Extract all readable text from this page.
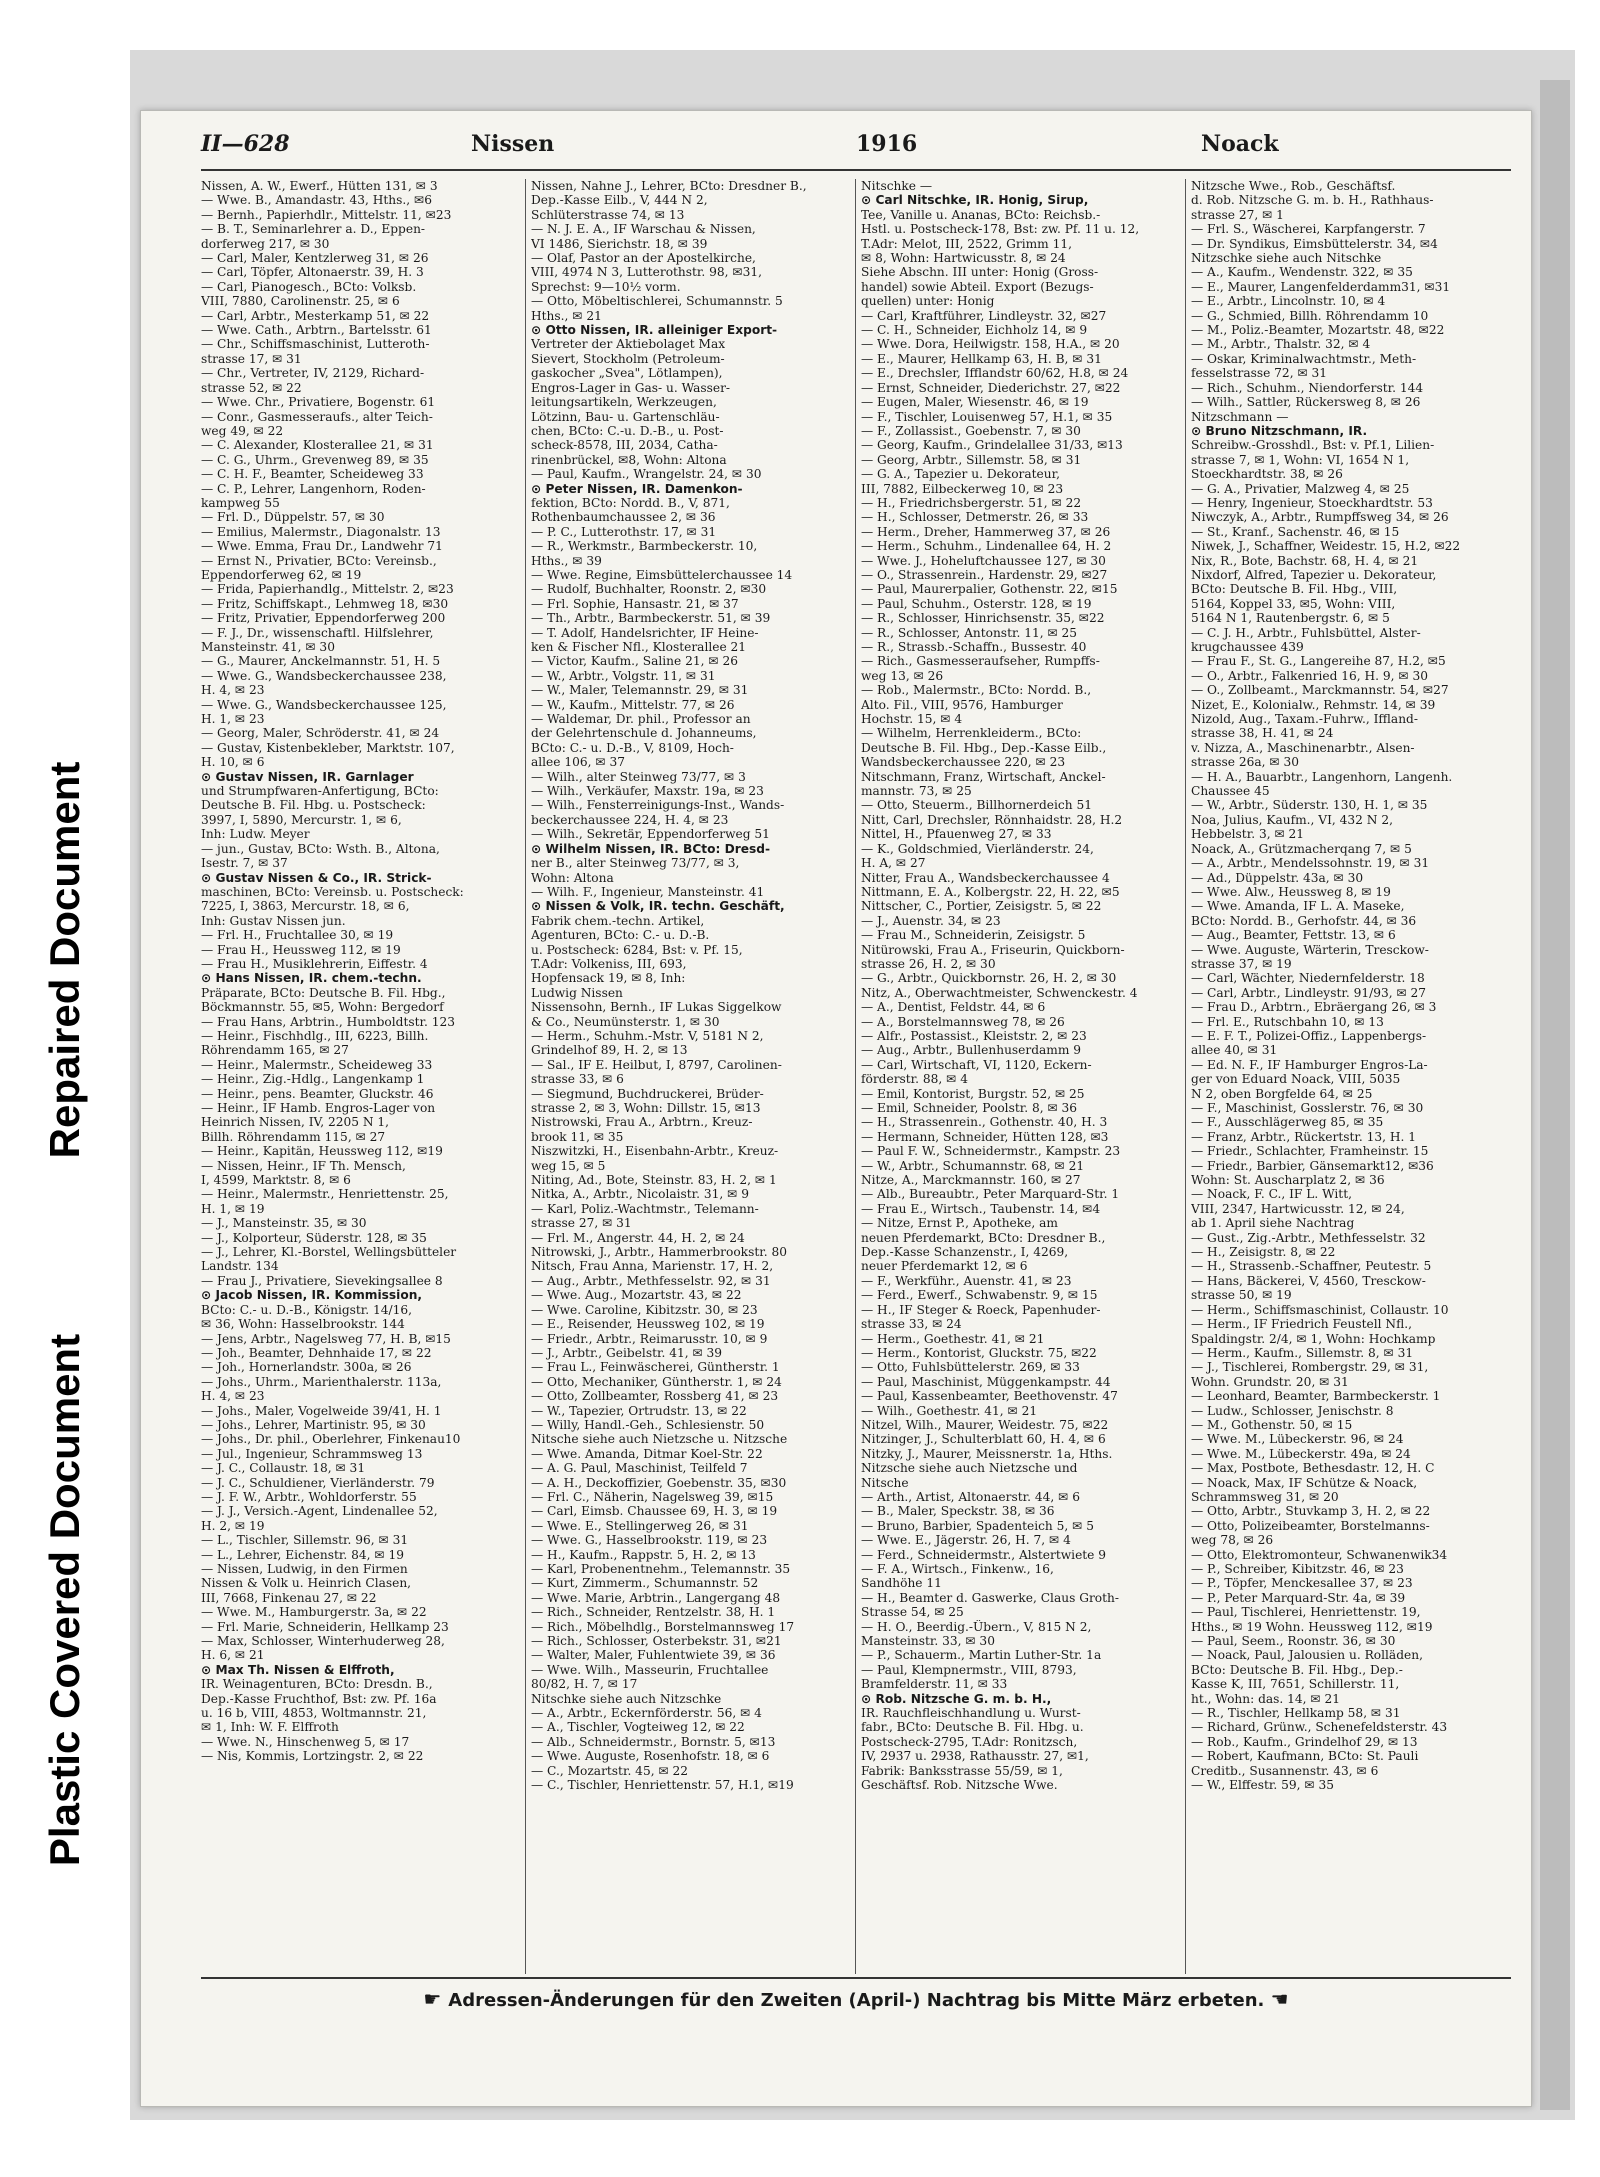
Repaired Document
Plastic Covered Document
II—628	Nissen	1916	Noack
Nissen, A. W., Ewerf., Hütten 131, ✉ 3
— Wwe. B., Amandastr. 43, Hths., ✉6
— Bernh., Papierhdlr., Mittelstr. 11, ✉23
— B. T., Seminarlehrer a. D., Eppen-
dorferweg 217, ✉ 30
— Carl, Maler, Kentzlerweg 31, ✉ 26
— Carl, Töpfer, Altonaerstr. 39, H. 3
— Carl, Pianogesch., BCto: Volksb.
VIII, 7880, Carolinenstr. 25, ✉ 6
— Carl, Arbtr., Mesterkamp 51, ✉ 22
— Wwe. Cath., Arbtrn., Bartelsstr. 61
— Chr., Schiffsmaschinist, Lutteroth-
strasse 17, ✉ 31
— Chr., Vertreter, IV, 2129, Richard-
strasse 52, ✉ 22
— Wwe. Chr., Privatiere, Bogenstr. 61
— Conr., Gasmesseraufs., alter Teich-
weg 49, ✉ 22
— C. Alexander, Klosterallee 21, ✉ 31
— C. G., Uhrm., Grevenweg 89, ✉ 35
— C. H. F., Beamter, Scheideweg 33
— C. P., Lehrer, Langenhorn, Roden-
kampweg 55
— Frl. D., Düppelstr. 57, ✉ 30
— Emilius, Malermstr., Diagonalstr. 13
— Wwe. Emma, Frau Dr., Landwehr 71
— Ernst N., Privatier, BCto: Vereinsb.,
Eppendorferweg 62, ✉ 19
— Frida, Papierhandlg., Mittelstr. 2, ✉23
— Fritz, Schiffskapt., Lehmweg 18, ✉30
— Fritz, Privatier, Eppendorferweg 200
— F. J., Dr., wissenschaftl. Hilfslehrer,
Mansteinstr. 41, ✉ 30
— G., Maurer, Anckelmannstr. 51, H. 5
— Wwe. G., Wandsbeckerchaussee 238,
H. 4, ✉ 23
— Wwe. G., Wandsbeckerchaussee 125,
H. 1, ✉ 23
— Georg, Maler, Schröderstr. 41, ✉ 24
— Gustav, Kistenbekleber, Marktstr. 107,
H. 10, ✉ 6
⊙ Gustav Nissen, IR. Garnlager
und Strumpfwaren-Anfertigung, BCto:
Deutsche B. Fil. Hbg. u. Postscheck:
3997, I, 5890, Mercurstr. 1, ✉ 6,
Inh: Ludw. Meyer
— jun., Gustav, BCto: Wsth. B., Altona,
Isestr. 7, ✉ 37
⊙ Gustav Nissen & Co., IR. Strick-
maschinen, BCto: Vereinsb. u. Postscheck:
7225, I, 3863, Mercurstr. 18, ✉ 6,
Inh: Gustav Nissen jun.
— Frl. H., Fruchtallee 30, ✉ 19
— Frau H., Heussweg 112, ✉ 19
— Frau H., Musiklehrerin, Eiffestr. 4
⊙ Hans Nissen, IR. chem.-techn.
Präparate, BCto: Deutsche B. Fil. Hbg.,
Böckmannstr. 55, ✉5, Wohn: Bergedorf
— Frau Hans, Arbtrin., Humboldtstr. 123
— Heinr., Fischhdlg., III, 6223, Billh.
Röhrendamm 165, ✉ 27
— Heinr., Malermstr., Scheideweg 33
— Heinr., Zig.-Hdlg., Langenkamp 1
— Heinr., pens. Beamter, Gluckstr. 46
— Heinr., IF Hamb. Engros-Lager von
Heinrich Nissen, IV, 2205 N 1,
Billh. Röhrendamm 115, ✉ 27
— Heinr., Kapitän, Heussweg 112, ✉19
— Nissen, Heinr., IF Th. Mensch,
I, 4599, Marktstr. 8, ✉ 6
— Heinr., Malermstr., Henriettenstr. 25,
H. 1, ✉ 19
— J., Mansteinstr. 35, ✉ 30
— J., Kolporteur, Süderstr. 128, ✉ 35
— J., Lehrer, Kl.-Borstel, Wellingsbütteler
Landstr. 134
— Frau J., Privatiere, Sievekingsallee 8
⊙ Jacob Nissen, IR. Kommission,
BCto: C.- u. D.-B., Königstr. 14/16,
✉ 36, Wohn: Hasselbrookstr. 144
— Jens, Arbtr., Nagelsweg 77, H. B, ✉15
— Joh., Beamter, Dehnhaide 17, ✉ 22
— Joh., Hornerlandstr. 300a, ✉ 26
— Johs., Uhrm., Marienthalerstr. 113a,
H. 4, ✉ 23
— Johs., Maler, Vogelweide 39/41, H. 1
— Johs., Lehrer, Martinistr. 95, ✉ 30
— Johs., Dr. phil., Oberlehrer, Finkenau10
— Jul., Ingenieur, Schrammsweg 13
— J. C., Collaustr. 18, ✉ 31
— J. C., Schuldiener, Vierländerstr. 79
— J. F. W., Arbtr., Wohldorferstr. 55
— J. J., Versich.-Agent, Lindenallee 52,
H. 2, ✉ 19
— L., Tischler, Sillemstr. 96, ✉ 31
— L., Lehrer, Eichenstr. 84, ✉ 19
— Nissen, Ludwig, in den Firmen
Nissen & Volk u. Heinrich Clasen,
III, 7668, Finkenau 27, ✉ 22
— Wwe. M., Hamburgerstr. 3a, ✉ 22
— Frl. Marie, Schneiderin, Hellkamp 23
— Max, Schlosser, Winterhuderweg 28,
H. 6, ✉ 21
⊙ Max Th. Nissen & Elffroth,
IR. Weinagenturen, BCto: Dresdn. B.,
Dep.-Kasse Fruchthof, Bst: zw. Pf. 16a
u. 16 b, VIII, 4853, Woltmannstr. 21,
✉ 1, Inh: W. F. Elffroth
— Wwe. N., Hinschenweg 5, ✉ 17
— Nis, Kommis, Lortzingstr. 2, ✉ 22
Nissen, Nahne J., Lehrer, BCto: Dresdner B.,
Dep.-Kasse Eilb., V, 444 N 2,
Schlüterstrasse 74, ✉ 13
— N. J. E. A., IF Warschau & Nissen,
VI 1486, Sierichstr. 18, ✉ 39
— Olaf, Pastor an der Apostelkirche,
VIII, 4974 N 3, Lutterothstr. 98, ✉31,
Sprechst: 9—10½ vorm.
— Otto, Möbeltischlerei, Schumannstr. 5
Hths., ✉ 21
⊙ Otto Nissen, IR. alleiniger Export-
Vertreter der Aktiebolaget Max
Sievert, Stockholm (Petroleum-
gaskocher „Svea", Lötlampen),
Engros-Lager in Gas- u. Wasser-
leitungsartikeln, Werkzeugen,
Lötzinn, Bau- u. Gartenschläu-
chen, BCto: C.-u. D.-B., u. Post-
scheck-8578, III, 2034, Catha-
rinenbrückel, ✉8, Wohn: Altona
— Paul, Kaufm., Wrangelstr. 24, ✉ 30
⊙ Peter Nissen, IR. Damenkon-
fektion, BCto: Nordd. B., V, 871,
Rothenbaumchaussee 2, ✉ 36
— P. C., Lutterothstr. 17, ✉ 31
— R., Werkmstr., Barmbeckerstr. 10,
Hths., ✉ 39
— Wwe. Regine, Eimsbüttelerchaussee 14
— Rudolf, Buchhalter, Roonstr. 2, ✉30
— Frl. Sophie, Hansastr. 21, ✉ 37
— Th., Arbtr., Barmbeckerstr. 51, ✉ 39
— T. Adolf, Handelsrichter, IF Heine-
ken & Fischer Nfl., Klosterallee 21
— Victor, Kaufm., Saline 21, ✉ 26
— W., Arbtr., Volgstr. 11, ✉ 31
— W., Maler, Telemannstr. 29, ✉ 31
— W., Kaufm., Mittelstr. 77, ✉ 26
— Waldemar, Dr. phil., Professor an
der Gelehrtenschule d. Johanneums,
BCto: C.- u. D.-B., V, 8109, Hoch-
allee 106, ✉ 37
— Wilh., alter Steinweg 73/77, ✉ 3
— Wilh., Verkäufer, Maxstr. 19a, ✉ 23
— Wilh., Fensterreinigungs-Inst., Wands-
beckerchaussee 224, H. 4, ✉ 23
— Wilh., Sekretär, Eppendorferweg 51
⊙ Wilhelm Nissen, IR. BCto: Dresd-
ner B., alter Steinweg 73/77, ✉ 3,
Wohn: Altona
— Wilh. F., Ingenieur, Mansteinstr. 41
⊙ Nissen & Volk, IR. techn. Geschäft,
Fabrik chem.-techn. Artikel,
Agenturen, BCto: C.- u. D.-B.
u. Postscheck: 6284, Bst: v. Pf. 15,
T.Adr: Volkeniss, III, 693,
Hopfensack 19, ✉ 8, Inh:
Ludwig Nissen
Nissensohn, Bernh., IF Lukas Siggelkow
& Co., Neumünsterstr. 1, ✉ 30
— Herm., Schuhm.-Mstr. V, 5181 N 2,
Grindelhof 89, H. 2, ✉ 13
— Sal., IF E. Heilbut, I, 8797, Carolinen-
strasse 33, ✉ 6
— Siegmund, Buchdruckerei, Brüder-
strasse 2, ✉ 3, Wohn: Dillstr. 15, ✉13
Nistrowski, Frau A., Arbtrn., Kreuz-
brook 11, ✉ 35
Niszwitzki, H., Eisenbahn-Arbtr., Kreuz-
weg 15, ✉ 5
Niting, Ad., Bote, Steinstr. 83, H. 2, ✉ 1
Nitka, A., Arbtr., Nicolaistr. 31, ✉ 9
— Karl, Poliz.-Wachtmstr., Telemann-
strasse 27, ✉ 31
— Frl. M., Angerstr. 44, H. 2, ✉ 24
Nitrowski, J., Arbtr., Hammerbrookstr. 80
Nitsch, Frau Anna, Marienstr. 17, H. 2,
— Aug., Arbtr., Methfesselstr. 92, ✉ 31
— Wwe. Aug., Mozartstr. 43, ✉ 22
— Wwe. Caroline, Kibitzstr. 30, ✉ 23
— E., Reisender, Heussweg 102, ✉ 19
— Friedr., Arbtr., Reimarusstr. 10, ✉ 9
— J., Arbtr., Geibelstr. 41, ✉ 39
— Frau L., Feinwäscherei, Güntherstr. 1
— Otto, Mechaniker, Güntherstr. 1, ✉ 24
— Otto, Zollbeamter, Rossberg 41, ✉ 23
— W., Tapezier, Ortrudstr. 13, ✉ 22
— Willy, Handl.-Geh., Schlesienstr. 50
Nitsche siehe auch Nietzsche u. Nitzsche
— Wwe. Amanda, Ditmar Koel-Str. 22
— A. G. Paul, Maschinist, Teilfeld 7
— A. H., Deckoffizier, Goebenstr. 35, ✉30
— Frl. C., Näherin, Nagelsweg 39, ✉15
— Carl, Eimsb. Chaussee 69, H. 3, ✉ 19
— Wwe. E., Stellingerweg 26, ✉ 31
— Wwe. G., Hasselbrookstr. 119, ✉ 23
— H., Kaufm., Rappstr. 5, H. 2, ✉ 13
— Karl, Probenentnehm., Telemannstr. 35
— Kurt, Zimmerm., Schumannstr. 52
— Wwe. Marie, Arbtrin., Langergang 48
— Rich., Schneider, Rentzelstr. 38, H. 1
— Rich., Möbelhdlg., Borstelmannsweg 17
— Rich., Schlosser, Osterbekstr. 31, ✉21
— Walter, Maler, Fuhlentwiete 39, ✉ 36
— Wwe. Wilh., Masseurin, Fruchtallee
80/82, H. 7, ✉ 17
Nitschke siehe auch Nitzschke
— A., Arbtr., Eckernförderstr. 56, ✉ 4
— A., Tischler, Vogteiweg 12, ✉ 22
— Alb., Schneidermstr., Bornstr. 5, ✉13
— Wwe. Auguste, Rosenhofstr. 18, ✉ 6
— C., Mozartstr. 45, ✉ 22
— C., Tischler, Henriettenstr. 57, H.1, ✉19
Nitschke —
⊙ Carl Nitschke, IR. Honig, Sirup,
Tee, Vanille u. Ananas, BCto: Reichsb.-
Hstl. u. Postscheck-178, Bst: zw. Pf. 11 u. 12,
T.Adr: Melot, III, 2522, Grimm 11,
✉ 8, Wohn: Hartwicusstr. 8, ✉ 24
Siehe Abschn. III unter: Honig (Gross-
handel) sowie Abteil. Export (Bezugs-
quellen) unter: Honig
— Carl, Kraftführer, Lindleystr. 32, ✉27
— C. H., Schneider, Eichholz 14, ✉ 9
— Wwe. Dora, Heilwigstr. 158, H.A., ✉ 20
— E., Maurer, Hellkamp 63, H. B, ✉ 31
— E., Drechsler, Ifflandstr 60/62, H.8, ✉ 24
— Ernst, Schneider, Diederichstr. 27, ✉22
— Eugen, Maler, Wiesenstr. 46, ✉ 19
— F., Tischler, Louisenweg 57, H.1, ✉ 35
— F., Zollassist., Goebenstr. 7, ✉ 30
— Georg, Kaufm., Grindelallee 31/33, ✉13
— Georg, Arbtr., Sillemstr. 58, ✉ 31
— G. A., Tapezier u. Dekorateur,
III, 7882, Eilbeckerweg 10, ✉ 23
— H., Friedrichsbergerstr. 51, ✉ 22
— H., Schlosser, Detmerstr. 26, ✉ 33
— Herm., Dreher, Hammerweg 37, ✉ 26
— Herm., Schuhm., Lindenallee 64, H. 2
— Wwe. J., Hoheluftchaussee 127, ✉ 30
— O., Strassenrein., Hardenstr. 29, ✉27
— Paul, Maurerpalier, Gothenstr. 22, ✉15
— Paul, Schuhm., Osterstr. 128, ✉ 19
— R., Schlosser, Hinrichsenstr. 35, ✉22
— R., Schlosser, Antonstr. 11, ✉ 25
— R., Strassb.-Schaffn., Bussestr. 40
— Rich., Gasmesseraufseher, Rumpffs-
weg 13, ✉ 26
— Rob., Malermstr., BCto: Nordd. B.,
Alto. Fil., VIII, 9576, Hamburger
Hochstr. 15, ✉ 4
— Wilhelm, Herrenkleiderm., BCto:
Deutsche B. Fil. Hbg., Dep.-Kasse Eilb.,
Wandsbeckerchaussee 220, ✉ 23
Nitschmann, Franz, Wirtschaft, Anckel-
mannstr. 73, ✉ 25
— Otto, Steuerm., Billhornerdeich 51
Nitt, Carl, Drechsler, Rönnhaidstr. 28, H.2
Nittel, H., Pfauenweg 27, ✉ 33
— K., Goldschmied, Vierländerstr. 24,
H. A, ✉ 27
Nitter, Frau A., Wandsbeckerchaussee 4
Nittmann, E. A., Kolbergstr. 22, H. 22, ✉5
Nittscher, C., Portier, Zeisigstr. 5, ✉ 22
— J., Auenstr. 34, ✉ 23
— Frau M., Schneiderin, Zeisigstr. 5
Nitürowski, Frau A., Friseurin, Quickborn-
strasse 26, H. 2, ✉ 30
— G., Arbtr., Quickbornstr. 26, H. 2, ✉ 30
Nitz, A., Oberwachtmeister, Schwenckestr. 4
— A., Dentist, Feldstr. 44, ✉ 6
— A., Borstelmannsweg 78, ✉ 26
— Alfr., Postassist., Kleiststr. 2, ✉ 23
— Aug., Arbtr., Bullenhuserdamm 9
— Carl, Wirtschaft, VI, 1120, Eckern-
förderstr. 88, ✉ 4
— Emil, Kontorist, Burgstr. 52, ✉ 25
— Emil, Schneider, Poolstr. 8, ✉ 36
— H., Strassenrein., Gothenstr. 40, H. 3
— Hermann, Schneider, Hütten 128, ✉3
— Paul F. W., Schneidermstr., Kampstr. 23
— W., Arbtr., Schumannstr. 68, ✉ 21
Nitze, A., Marckmannstr. 160, ✉ 27
— Alb., Bureaubtr., Peter Marquard-Str. 1
— Frau E., Wirtsch., Taubenstr. 14, ✉4
— Nitze, Ernst P., Apotheke, am
neuen Pferdemarkt, BCto: Dresdner B.,
Dep.-Kasse Schanzenstr., I, 4269,
neuer Pferdemarkt 12, ✉ 6
— F., Werkführ., Auenstr. 41, ✉ 23
— Ferd., Ewerf., Schwabenstr. 9, ✉ 15
— H., IF Steger & Roeck, Papenhuder-
strasse 33, ✉ 24
— Herm., Goethestr. 41, ✉ 21
— Herm., Kontorist, Gluckstr. 75, ✉22
— Otto, Fuhlsbüttelerstr. 269, ✉ 33
— Paul, Maschinist, Müggenkampstr. 44
— Paul, Kassenbeamter, Beethovenstr. 47
— Wilh., Goethestr. 41, ✉ 21
Nitzel, Wilh., Maurer, Weidestr. 75, ✉22
Nitzinger, J., Schulterblatt 60, H. 4, ✉ 6
Nitzky, J., Maurer, Meissnerstr. 1a, Hths.
Nitzsche siehe auch Nietzsche und
Nitsche
— Arth., Artist, Altonaerstr. 44, ✉ 6
— B., Maler, Speckstr. 38, ✉ 36
— Bruno, Barbier, Spadenteich 5, ✉ 5
— Wwe. E., Jägerstr. 26, H. 7, ✉ 4
— Ferd., Schneidermstr., Alstertwiete 9
— F. A., Wirtsch., Finkenw., 16,
Sandhöhe 11
— H., Beamter d. Gaswerke, Claus Groth-
Strasse 54, ✉ 25
— H. O., Beerdig.-Übern., V, 815 N 2,
Mansteinstr. 33, ✉ 30
— P., Schauerm., Martin Luther-Str. 1a
— Paul, Klempnermstr., VIII, 8793,
Bramfelderstr. 11, ✉ 33
⊙ Rob. Nitzsche G. m. b. H.,
IR. Rauchfleischhandlung u. Wurst-
fabr., BCto: Deutsche B. Fil. Hbg. u.
Postscheck-2795, T.Adr: Ronitzsch,
IV, 2937 u. 2938, Rathausstr. 27, ✉1,
Fabrik: Banksstrasse 55/59, ✉ 1,
Geschäftsf. Rob. Nitzsche Wwe.
Nitzsche Wwe., Rob., Geschäftsf.
d. Rob. Nitzsche G. m. b. H., Rathhaus-
strasse 27, ✉ 1
— Frl. S., Wäscherei, Karpfangerstr. 7
— Dr. Syndikus, Eimsbüttelerstr. 34, ✉4
Nitzschke siehe auch Nitschke
— A., Kaufm., Wendenstr. 322, ✉ 35
— E., Maurer, Langenfelderdamm31, ✉31
— E., Arbtr., Lincolnstr. 10, ✉ 4
— G., Schmied, Billh. Röhrendamm 10
— M., Poliz.-Beamter, Mozartstr. 48, ✉22
— M., Arbtr., Thalstr. 32, ✉ 4
— Oskar, Kriminalwachtmstr., Meth-
fesselstrasse 72, ✉ 31
— Rich., Schuhm., Niendorferstr. 144
— Wilh., Sattler, Rückersweg 8, ✉ 26
Nitzschmann —
⊙ Bruno Nitzschmann, IR.
Schreibw.-Grosshdl., Bst: v. Pf.1, Lilien-
strasse 7, ✉ 1, Wohn: VI, 1654 N 1,
Stoeckhardtstr. 38, ✉ 26
— G. A., Privatier, Malzweg 4, ✉ 25
— Henry, Ingenieur, Stoeckhardtstr. 53
Niwczyk, A., Arbtr., Rumpffsweg 34, ✉ 26
— St., Kranf., Sachenstr. 46, ✉ 15
Niwek, J., Schaffner, Weidestr. 15, H.2, ✉22
Nix, R., Bote, Bachstr. 68, H. 4, ✉ 21
Nixdorf, Alfred, Tapezier u. Dekorateur,
BCto: Deutsche B. Fil. Hbg., VIII,
5164, Koppel 33, ✉5, Wohn: VIII,
5164 N 1, Rautenbergstr. 6, ✉ 5
— C. J. H., Arbtr., Fuhlsbüttel, Alster-
krugchaussee 439
— Frau F., St. G., Langereihe 87, H.2, ✉5
— O., Arbtr., Falkenried 16, H. 9, ✉ 30
— O., Zollbeamt., Marckmannstr. 54, ✉27
Nizet, E., Kolonialw., Rehmstr. 14, ✉ 39
Nizold, Aug., Taxam.-Fuhrw., Iffland-
strasse 38, H. 41, ✉ 24
v. Nizza, A., Maschinenarbtr., Alsen-
strasse 26a, ✉ 30
— H. A., Bauarbtr., Langenhorn, Langenh.
Chaussee 45
— W., Arbtr., Süderstr. 130, H. 1, ✉ 35
Noa, Julius, Kaufm., VI, 432 N 2,
Hebbelstr. 3, ✉ 21
Noack, A., Grützmacherqang 7, ✉ 5
— A., Arbtr., Mendelssohnstr. 19, ✉ 31
— Ad., Düppelstr. 43a, ✉ 30
— Wwe. Alw., Heussweg 8, ✉ 19
— Wwe. Amanda, IF L. A. Maseke,
BCto: Nordd. B., Gerhofstr. 44, ✉ 36
— Aug., Beamter, Fettstr. 13, ✉ 6
— Wwe. Auguste, Wärterin, Tresckow-
strasse 37, ✉ 19
— Carl, Wächter, Niedernfelderstr. 18
— Carl, Arbtr., Lindleystr. 91/93, ✉ 27
— Frau D., Arbtrn., Ebräergang 26, ✉ 3
— Frl. E., Rutschbahn 10, ✉ 13
— E. F. T., Polizei-Offiz., Lappenbergs-
allee 40, ✉ 31
— Ed. N. F., IF Hamburger Engros-La-
ger von Eduard Noack, VIII, 5035
N 2, oben Borgfelde 64, ✉ 25
— F., Maschinist, Gosslerstr. 76, ✉ 30
— F., Ausschlägerweg 85, ✉ 35
— Franz, Arbtr., Rückertstr. 13, H. 1
— Friedr., Schlachter, Framheinstr. 15
— Friedr., Barbier, Gänsemarkt12, ✉36
Wohn: St. Auscharplatz 2, ✉ 36
— Noack, F. C., IF L. Witt,
VIII, 2347, Hartwicusstr. 12, ✉ 24,
ab 1. April siehe Nachtrag
— Gust., Zig.-Arbtr., Methfesselstr. 32
— H., Zeisigstr. 8, ✉ 22
— H., Strassenb.-Schaffner, Peutestr. 5
— Hans, Bäckerei, V, 4560, Tresckow-
strasse 50, ✉ 19
— Herm., Schiffsmaschinist, Collaustr. 10
— Herm., IF Friedrich Feustell Nfl.,
Spaldingstr. 2/4, ✉ 1, Wohn: Hochkamp
— Herm., Kaufm., Sillemstr. 8, ✉ 31
— J., Tischlerei, Rombergstr. 29, ✉ 31,
Wohn. Grundstr. 20, ✉ 31
— Leonhard, Beamter, Barmbeckerstr. 1
— Ludw., Schlosser, Jenischstr. 8
— M., Gothenstr. 50, ✉ 15
— Wwe. M., Lübeckerstr. 96, ✉ 24
— Wwe. M., Lübeckerstr. 49a, ✉ 24
— Max, Postbote, Bethesdastr. 12, H. C
— Noack, Max, IF Schütze & Noack,
Schrammsweg 31, ✉ 20
— Otto, Arbtr., Stuvkamp 3, H. 2, ✉ 22
— Otto, Polizeibeamter, Borstelmanns-
weg 78, ✉ 26
— Otto, Elektromonteur, Schwanenwik34
— P., Schreiber, Kibitzstr. 46, ✉ 23
— P., Töpfer, Menckesallee 37, ✉ 23
— P., Peter Marquard-Str. 4a, ✉ 39
— Paul, Tischlerei, Henriettenstr. 19,
Hths., ✉ 19 Wohn. Heussweg 112, ✉19
— Paul, Seem., Roonstr. 36, ✉ 30
— Noack, Paul, Jalousien u. Rolläden,
BCto: Deutsche B. Fil. Hbg., Dep.-
Kasse K, III, 7651, Schillerstr. 11,
ht., Wohn: das. 14, ✉ 21
— R., Tischler, Hellkamp 58, ✉ 31
— Richard, Grünw., Schenefeldsterstr. 43
— Rob., Kaufm., Grindelhof 29, ✉ 13
— Robert, Kaufmann, BCto: St. Pauli
Creditb., Susannenstr. 43, ✉ 6
— W., Elffestr. 59, ✉ 35
☛ Adressen-Änderungen für den Zweiten (April-) Nachtrag bis Mitte März erbeten. ☚
